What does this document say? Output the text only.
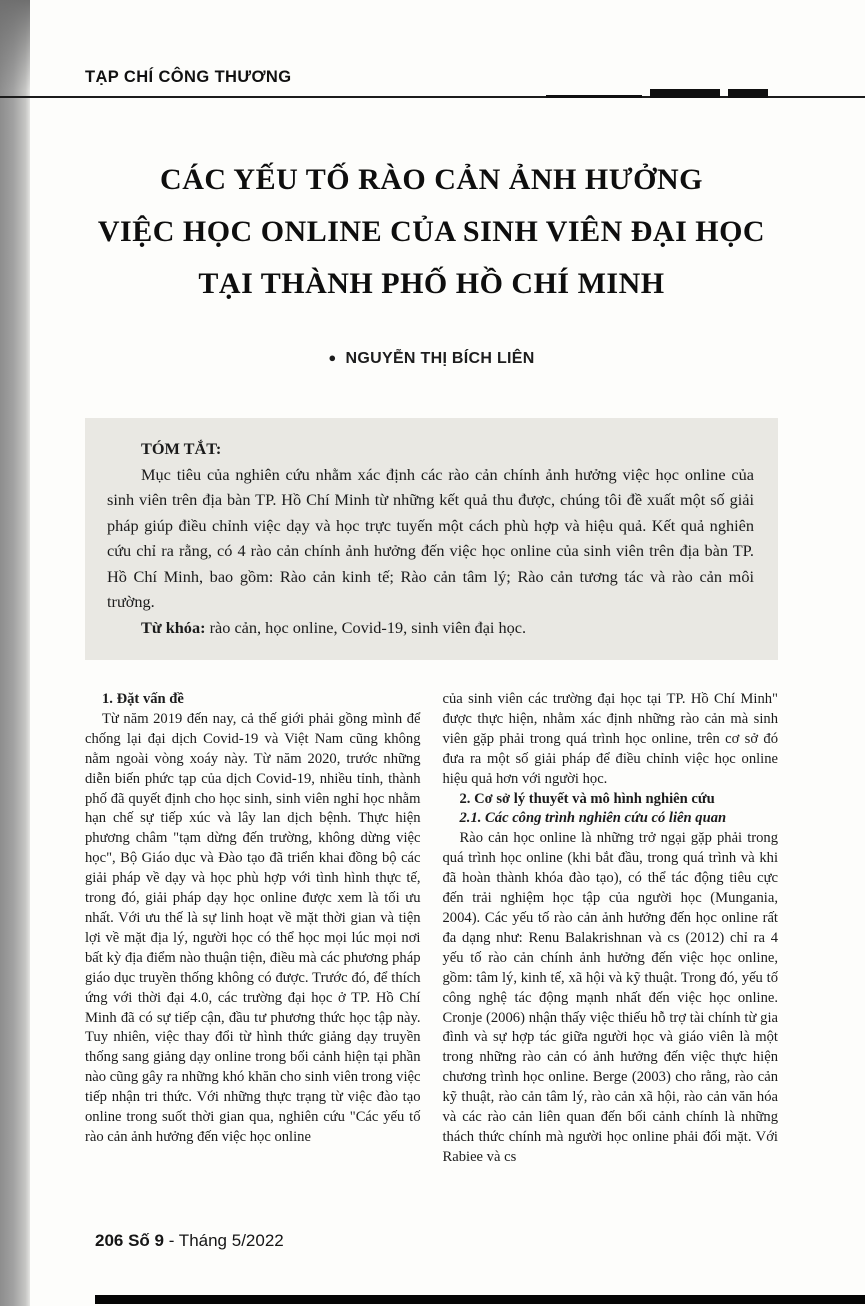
TẠP CHÍ CÔNG THƯƠNG
CÁC YẾU TỐ RÀO CẢN ẢNH HƯỞNG
VIỆC HỌC ONLINE CỦA SINH VIÊN ĐẠI HỌC
TẠI THÀNH PHỐ HỒ CHÍ MINH
● NGUYỄN THỊ BÍCH LIÊN
TÓM TẮT:

Mục tiêu của nghiên cứu nhằm xác định các rào cản chính ảnh hưởng việc học online của sinh viên trên địa bàn TP. Hồ Chí Minh từ những kết quả thu được, chúng tôi đề xuất một số giải pháp giúp điều chỉnh việc dạy và học trực tuyến một cách phù hợp và hiệu quả. Kết quả nghiên cứu chỉ ra rằng, có 4 rào cản chính ảnh hưởng đến việc học online của sinh viên trên địa bàn TP. Hồ Chí Minh, bao gồm: Rào cản kinh tế; Rào cản tâm lý; Rào cản tương tác và rào cản môi trường.

Từ khóa: rào cản, học online, Covid-19, sinh viên đại học.

1. Đặt vấn đề

Từ năm 2019 đến nay, cả thế giới phải gồng mình để chống lại đại dịch Covid-19 và Việt Nam cũng không nằm ngoài vòng xoáy này. Từ năm 2020, trước những diễn biến phức tạp của dịch Covid-19, nhiều tỉnh, thành phố đã quyết định cho học sinh, sinh viên nghỉ học nhằm hạn chế sự tiếp xúc và lây lan dịch bệnh. Thực hiện phương châm "tạm dừng đến trường, không dừng việc học", Bộ Giáo dục và Đào tạo đã triển khai đồng bộ các giải pháp về dạy và học phù hợp với tình hình thực tế, trong đó, giải pháp dạy học online được xem là tối ưu nhất. Với ưu thế là sự linh hoạt về mặt thời gian và tiện lợi về mặt địa lý, người học có thể học mọi lúc mọi nơi bất kỳ địa điểm nào thuận tiện, điều mà các phương pháp giáo dục truyền thống không có được. Trước đó, để thích ứng với thời đại 4.0, các trường đại học ở TP. Hồ Chí Minh đã có sự tiếp cận, đầu tư phương thức học tập này. Tuy nhiên, việc thay đổi từ hình thức giảng dạy truyền thống sang giảng dạy online trong bối cảnh hiện tại phần nào cũng gây ra những khó khăn cho sinh viên trong việc tiếp nhận tri thức. Với những thực trạng từ việc đào tạo online trong suốt thời gian qua, nghiên cứu "Các yếu tố rào cản ảnh hưởng đến việc học online

của sinh viên các trường đại học tại TP. Hồ Chí Minh" được thực hiện, nhằm xác định những rào cản mà sinh viên gặp phải trong quá trình học online, trên cơ sở đó đưa ra một số giải pháp để điều chỉnh việc học online hiệu quả hơn với người học.

2. Cơ sở lý thuyết và mô hình nghiên cứu
2.1. Các công trình nghiên cứu có liên quan

Rào cản học online là những trở ngại gặp phải trong quá trình học online (khi bắt đầu, trong quá trình và khi đã hoàn thành khóa đào tạo), có thể tác động tiêu cực đến trải nghiệm học tập của người học (Mungania, 2004). Các yếu tố rào cản ảnh hưởng đến học online rất đa dạng như: Renu Balakrishnan và cs (2012) chỉ ra 4 yếu tố rào cản chính ảnh hưởng đến việc học online, gồm: tâm lý, kinh tế, xã hội và kỹ thuật. Trong đó, yếu tố công nghệ tác động mạnh nhất đến việc học online. Cronje (2006) nhận thấy việc thiếu hỗ trợ tài chính từ gia đình và sự hợp tác giữa người học và giáo viên là một trong những rào cản có ảnh hưởng đến việc thực hiện chương trình học online. Berge (2003) cho rằng, rào cản kỹ thuật, rào cản tâm lý, rào cản xã hội, rào cản văn hóa và các rào cản liên quan đến bối cảnh chính là những thách thức chính mà người học online phải đối mặt. Với Rabiee và cs

206 Số 9 - Tháng 5/2022
